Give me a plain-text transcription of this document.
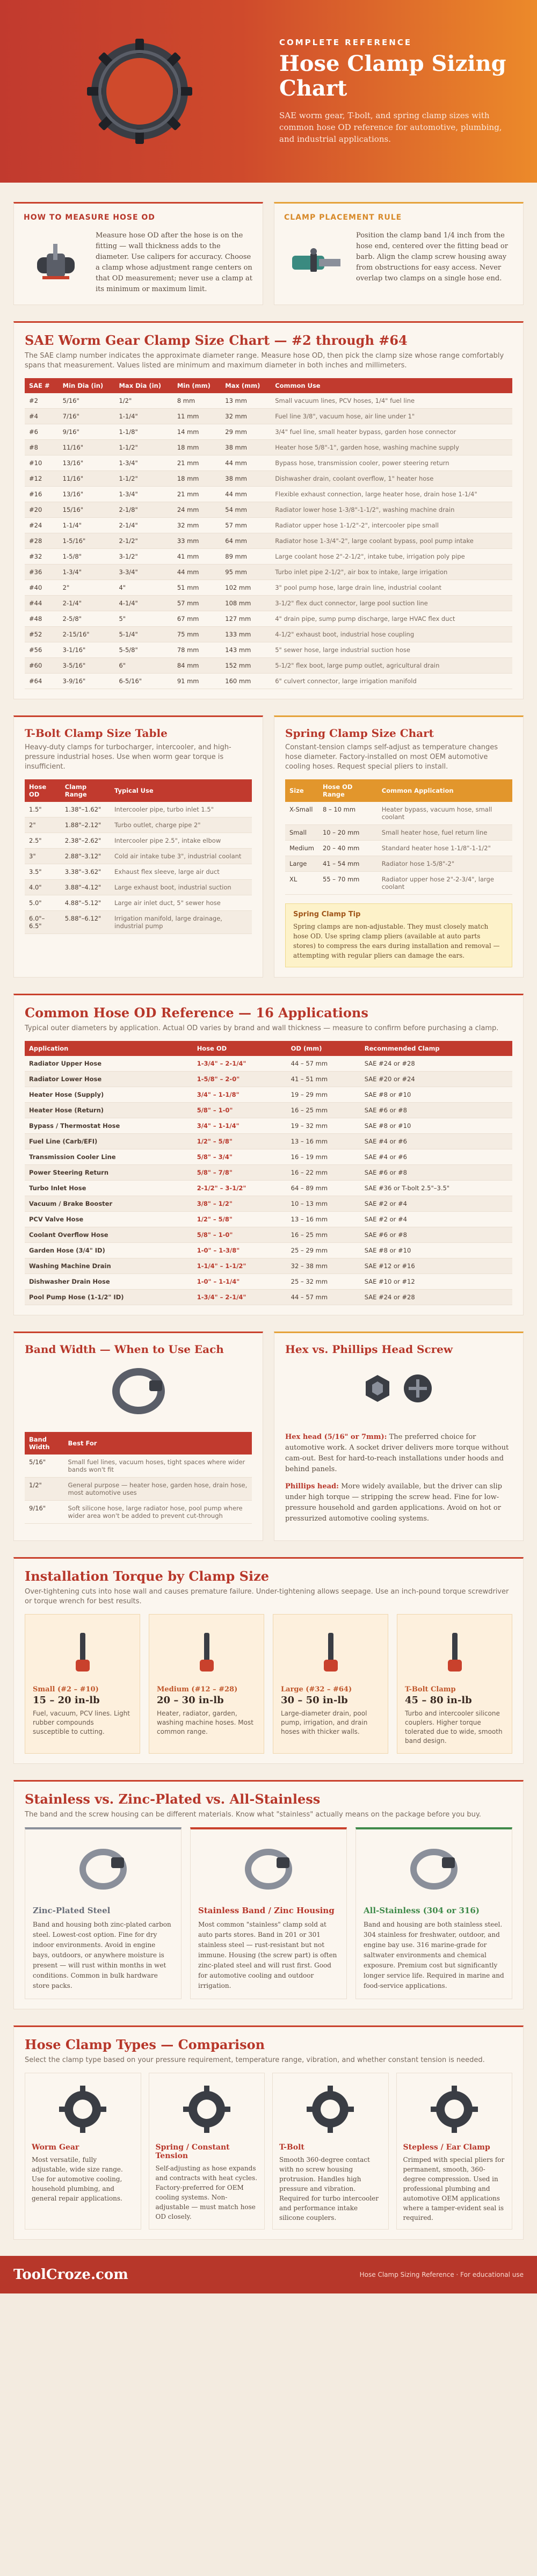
COMPLETE REFERENCE
Hose Clamp Sizing Chart
SAE worm gear, T-bolt, and spring clamp sizes with common hose OD reference for automotive, plumbing, and industrial applications.
HOW TO MEASURE HOSE OD
Measure hose OD after the hose is on the fitting — wall thickness adds to the diameter. Use calipers for accuracy. Choose a clamp whose adjustment range centers on that OD measurement; never use a clamp at its minimum or maximum limit.
CLAMP PLACEMENT RULE
Position the clamp band 1/4 inch from the hose end, centered over the fitting bead or barb. Align the clamp screw housing away from obstructions for easy access. Never overlap two clamps on a single hose end.
SAE Worm Gear Clamp Size Chart — #2 through #64
The SAE clamp number indicates the approximate diameter range. Measure hose OD, then pick the clamp size whose range comfortably spans that measurement. Values listed are minimum and maximum diameter in both inches and millimeters.
SAE #	Min Dia (in)	Max Dia (in)	Min (mm)	Max (mm)	Common Use
#2	5/16"	1/2"	8 mm	13 mm	Small vacuum lines, PCV hoses, 1/4" fuel line
#4	7/16"	1-1/4"	11 mm	32 mm	Fuel line 3/8", vacuum hose, air line under 1"
#6	9/16"	1-1/8"	14 mm	29 mm	3/4" fuel line, small heater bypass, garden hose connector
#8	11/16"	1-1/2"	18 mm	38 mm	Heater hose 5/8"-1", garden hose, washing machine supply
#10	13/16"	1-3/4"	21 mm	44 mm	Bypass hose, transmission cooler, power steering return
#12	11/16"	1-1/2"	18 mm	38 mm	Dishwasher drain, coolant overflow, 1" heater hose
#16	13/16"	1-3/4"	21 mm	44 mm	Flexible exhaust connection, large heater hose, drain hose 1-1/4"
#20	15/16"	2-1/8"	24 mm	54 mm	Radiator lower hose 1-3/8"-1-1/2", washing machine drain
#24	1-1/4"	2-1/4"	32 mm	57 mm	Radiator upper hose 1-1/2"-2", intercooler pipe small
#28	1-5/16"	2-1/2"	33 mm	64 mm	Radiator hose 1-3/4"-2", large coolant bypass, pool pump intake
#32	1-5/8"	3-1/2"	41 mm	89 mm	Large coolant hose 2"-2-1/2", intake tube, irrigation poly pipe
#36	1-3/4"	3-3/4"	44 mm	95 mm	Turbo inlet pipe 2-1/2", air box to intake, large irrigation
#40	2"	4"	51 mm	102 mm	3" pool pump hose, large drain line, industrial coolant
#44	2-1/4"	4-1/4"	57 mm	108 mm	3-1/2" flex duct connector, large pool suction line
#48	2-5/8"	5"	67 mm	127 mm	4" drain pipe, sump pump discharge, large HVAC flex duct
#52	2-15/16"	5-1/4"	75 mm	133 mm	4-1/2" exhaust boot, industrial hose coupling
#56	3-1/16"	5-5/8"	78 mm	143 mm	5" sewer hose, large industrial suction hose
#60	3-5/16"	6"	84 mm	152 mm	5-1/2" flex boot, large pump outlet, agricultural drain
#64	3-9/16"	6-5/16"	91 mm	160 mm	6" culvert connector, large irrigation manifold
T-Bolt Clamp Size Table
Heavy-duty clamps for turbocharger, intercooler, and high-pressure industrial hoses. Use when worm gear torque is insufficient.
Hose OD	Clamp Range	Typical Use
1.5"	1.38"–1.62"	Intercooler pipe, turbo inlet 1.5"
2"	1.88"–2.12"	Turbo outlet, charge pipe 2"
2.5"	2.38"–2.62"	Intercooler pipe 2.5", intake elbow
3"	2.88"–3.12"	Cold air intake tube 3", industrial coolant
3.5"	3.38"–3.62"	Exhaust flex sleeve, large air duct
4.0"	3.88"–4.12"	Large exhaust boot, industrial suction
5.0"	4.88"–5.12"	Large air inlet duct, 5" sewer hose
6.0"–6.5"	5.88"–6.12"	Irrigation manifold, large drainage, industrial pump
Spring Clamp Size Chart
Constant-tension clamps self-adjust as temperature changes hose diameter. Factory-installed on most OEM automotive cooling hoses. Request special pliers to install.
Size	Hose OD Range	Common Application
X-Small	8 – 10 mm	Heater bypass, vacuum hose, small coolant
Small	10 – 20 mm	Small heater hose, fuel return line
Medium	20 – 40 mm	Standard heater hose 1-1/8"-1-1/2"
Large	41 – 54 mm	Radiator hose 1-5/8"-2"
XL	55 – 70 mm	Radiator upper hose 2"-2-3/4", large coolant
Spring Clamp Tip
Spring clamps are non-adjustable. They must closely match hose OD. Use spring clamp pliers (available at auto parts stores) to compress the ears during installation and removal — attempting with regular pliers can damage the ears.
Common Hose OD Reference — 16 Applications
Typical outer diameters by application. Actual OD varies by brand and wall thickness — measure to confirm before purchasing a clamp.
Application	Hose OD	OD (mm)	Recommended Clamp
Radiator Upper Hose	1-3/4" – 2-1/4"	44 – 57 mm	SAE #24 or #28
Radiator Lower Hose	1-5/8" – 2-0"	41 – 51 mm	SAE #20 or #24
Heater Hose (Supply)	3/4" – 1-1/8"	19 – 29 mm	SAE #8 or #10
Heater Hose (Return)	5/8" – 1-0"	16 – 25 mm	SAE #6 or #8
Bypass / Thermostat Hose	3/4" – 1-1/4"	19 – 32 mm	SAE #8 or #10
Fuel Line (Carb/EFI)	1/2" – 5/8"	13 – 16 mm	SAE #4 or #6
Transmission Cooler Line	5/8" – 3/4"	16 – 19 mm	SAE #4 or #6
Power Steering Return	5/8" – 7/8"	16 – 22 mm	SAE #6 or #8
Turbo Inlet Hose	2-1/2" – 3-1/2"	64 – 89 mm	SAE #36 or T-bolt 2.5"–3.5"
Vacuum / Brake Booster	3/8" – 1/2"	10 – 13 mm	SAE #2 or #4
PCV Valve Hose	1/2" – 5/8"	13 – 16 mm	SAE #2 or #4
Coolant Overflow Hose	5/8" – 1-0"	16 – 25 mm	SAE #6 or #8
Garden Hose (3/4" ID)	1-0" – 1-3/8"	25 – 29 mm	SAE #8 or #10
Washing Machine Drain	1-1/4" – 1-1/2"	32 – 38 mm	SAE #12 or #16
Dishwasher Drain Hose	1-0" – 1-1/4"	25 – 32 mm	SAE #10 or #12
Pool Pump Hose (1-1/2" ID)	1-3/4" – 2-1/4"	44 – 57 mm	SAE #24 or #28
Band Width — When to Use Each
Band Width	Best For
5/16"	Small fuel lines, vacuum hoses, tight spaces where wider bands won't fit
1/2"	General purpose — heater hose, garden hose, drain hose, most automotive uses
9/16"	Soft silicone hose, large radiator hose, pool pump where wider area won't be added to prevent cut-through
Hex vs. Phillips Head Screw

Hex head (5/16" or 7mm): The preferred choice for automotive work. A socket driver delivers more torque without cam-out. Best for hard-to-reach installations under hoods and behind panels.

Phillips head: More widely available, but the driver can slip under high torque — stripping the screw head. Fine for low-pressure household and garden applications. Avoid on hot or pressurized automotive cooling systems.

Installation Torque by Clamp Size
Over-tightening cuts into hose wall and causes premature failure. Under-tightening allows seepage. Use an inch-pound torque screwdriver or torque wrench for best results.
Small (#2 – #10)
15 – 20 in-lb
Fuel, vacuum, PCV lines. Light rubber compounds susceptible to cutting.
Medium (#12 – #28)
20 – 30 in-lb
Heater, radiator, garden, washing machine hoses. Most common range.
Large (#32 – #64)
30 – 50 in-lb
Large-diameter drain, pool pump, irrigation, and drain hoses with thicker walls.
T-Bolt Clamp
45 – 80 in-lb
Turbo and intercooler silicone couplers. Higher torque tolerated due to wide, smooth band design.
Stainless vs. Zinc-Plated vs. All-Stainless
The band and the screw housing can be different materials. Know what "stainless" actually means on the package before you buy.
Zinc-Plated Steel
Band and housing both zinc-plated carbon steel. Lowest-cost option. Fine for dry indoor environments. Avoid in engine bays, outdoors, or anywhere moisture is present — will rust within months in wet conditions. Common in bulk hardware store packs.
Stainless Band / Zinc Housing
Most common "stainless" clamp sold at auto parts stores. Band in 201 or 301 stainless steel — rust-resistant but not immune. Housing (the screw part) is often zinc-plated steel and will rust first. Good for automotive cooling and outdoor irrigation.
All-Stainless (304 or 316)
Band and housing are both stainless steel. 304 stainless for freshwater, outdoor, and engine bay use. 316 marine-grade for saltwater environments and chemical exposure. Premium cost but significantly longer service life. Required in marine and food-service applications.
Hose Clamp Types — Comparison
Select the clamp type based on your pressure requirement, temperature range, vibration, and whether constant tension is needed.
Worm Gear
Most versatile, fully adjustable, wide size range. Use for automotive cooling, household plumbing, and general repair applications.
Spring / Constant Tension
Self-adjusting as hose expands and contracts with heat cycles. Factory-preferred for OEM cooling systems. Non-adjustable — must match hose OD closely.
T-Bolt
Smooth 360-degree contact with no screw housing protrusion. Handles high pressure and vibration. Required for turbo intercooler and performance intake silicone couplers.
Stepless / Ear Clamp
Crimped with special pliers for permanent, smooth, 360-degree compression. Used in professional plumbing and automotive OEM applications where a tamper-evident seal is required.
ToolCroze.com	Hose Clamp Sizing Reference · For educational use
